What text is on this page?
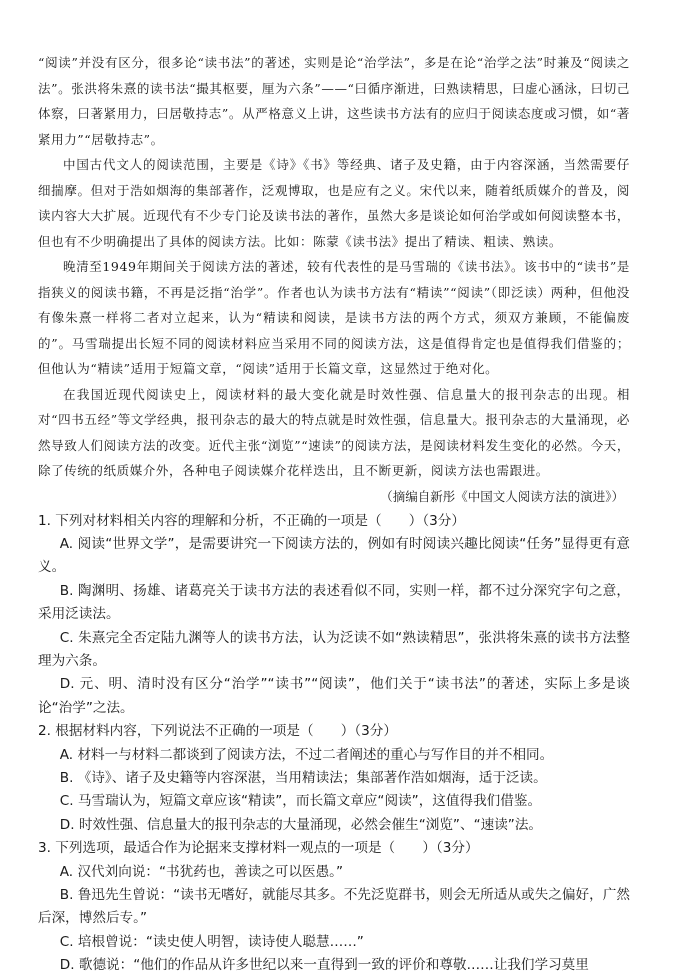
“阅读”并没有区分，很多论“读书法”的著述，实则是论“治学法”，多是在论“治学之法”时兼及“阅读之法”。张洪将朱熹的读书法“撮其枢要，厘为六条”——“曰循序渐进，曰熟读精思，曰虚心涵泳，曰切己体察，曰著紧用力，曰居敬持志”。从严格意义上讲，这些读书方法有的应归于阅读态度或习惯，如“著紧用力”“居敬持志”。

中国古代文人的阅读范围，主要是《诗》《书》等经典、诸子及史籍，由于内容深涵，当然需要仔细揣摩。但对于浩如烟海的集部著作，泛观博取，也是应有之义。宋代以来，随着纸质媒介的普及，阅读内容大大扩展。近现代有不少专门论及读书法的著作，虽然大多是谈论如何治学或如何阅读整本书，但也有不少明确提出了具体的阅读方法。比如：陈蒙《读书法》提出了精读、粗读、熟读。

晚清至1949年期间关于阅读方法的著述，较有代表性的是马雪瑞的《读书法》。该书中的“读书”是指狭义的阅读书籍，不再是泛指“治学”。作者也认为读书方法有“精读”“阅读”（即泛读）两种，但他没有像朱熹一样将二者对立起来，认为“精读和阅读，是读书方法的两个方式，须双方兼顾，不能偏废的”。马雪瑞提出长短不同的阅读材料应当采用不同的阅读方法，这是值得肯定也是值得我们借鉴的；但他认为“精读”适用于短篇文章，“阅读”适用于长篇文章，这显然过于绝对化。

在我国近现代阅读史上，阅读材料的最大变化就是时效性强、信息量大的报刊杂志的出现。相对“四书五经”等文学经典，报刊杂志的最大的特点就是时效性强，信息量大。报刊杂志的大量涌现，必然导致人们阅读方法的改变。近代主张“浏览”“速读”的阅读方法，是阅读材料发生变化的必然。今天，除了传统的纸质媒介外，各种电子阅读媒介花样迭出，且不断更新，阅读方法也需跟进。

（摘编自新彤《中国文人阅读方法的演进》）

1. 下列对材料相关内容的理解和分析，不正确的一项是（　　）（3分）

A. 阅读“世界文学”，是需要讲究一下阅读方法的，例如有时阅读兴趣比阅读“任务”显得更有意义。

B. 陶渊明、扬雄、诸葛亮关于读书方法的表述看似不同，实则一样，都不过分深究字句之意，采用泛读法。

C. 朱熹完全否定陆九渊等人的读书方法，认为泛读不如“熟读精思”，张洪将朱熹的读书方法整理为六条。

D. 元、明、清时没有区分“治学”“读书”“阅读”，他们关于“读书法”的著述，实际上多是谈论“治学”之法。

2. 根据材料内容，下列说法不正确的一项是（　　）（3分）

A. 材料一与材料二都谈到了阅读方法，不过二者阐述的重心与写作目的并不相同。

B. 《诗》、诸子及史籍等内容深湛，当用精读法；集部著作浩如烟海，适于泛读。

C. 马雪瑞认为，短篇文章应该“精读”，而长篇文章应“阅读”，这值得我们借鉴。

D. 时效性强、信息量大的报刊杂志的大量涌现，必然会催生“浏览”、“速读”法。

3. 下列选项，最适合作为论据来支撑材料一观点的一项是（　　）（3分）

A. 汉代刘向说：“书犹药也，善读之可以医愚。”

B. 鲁迅先生曾说：“读书无嗜好，就能尽其多。不先泛览群书，则会无所适从或失之偏好，广然后深，博然后专。”

C. 培根曾说：“读史使人明智，读诗使人聪慧……”

D. 歌德说：“他们的作品从许多世纪以来一直得到一致的评价和尊敬……让我们学习莫里
